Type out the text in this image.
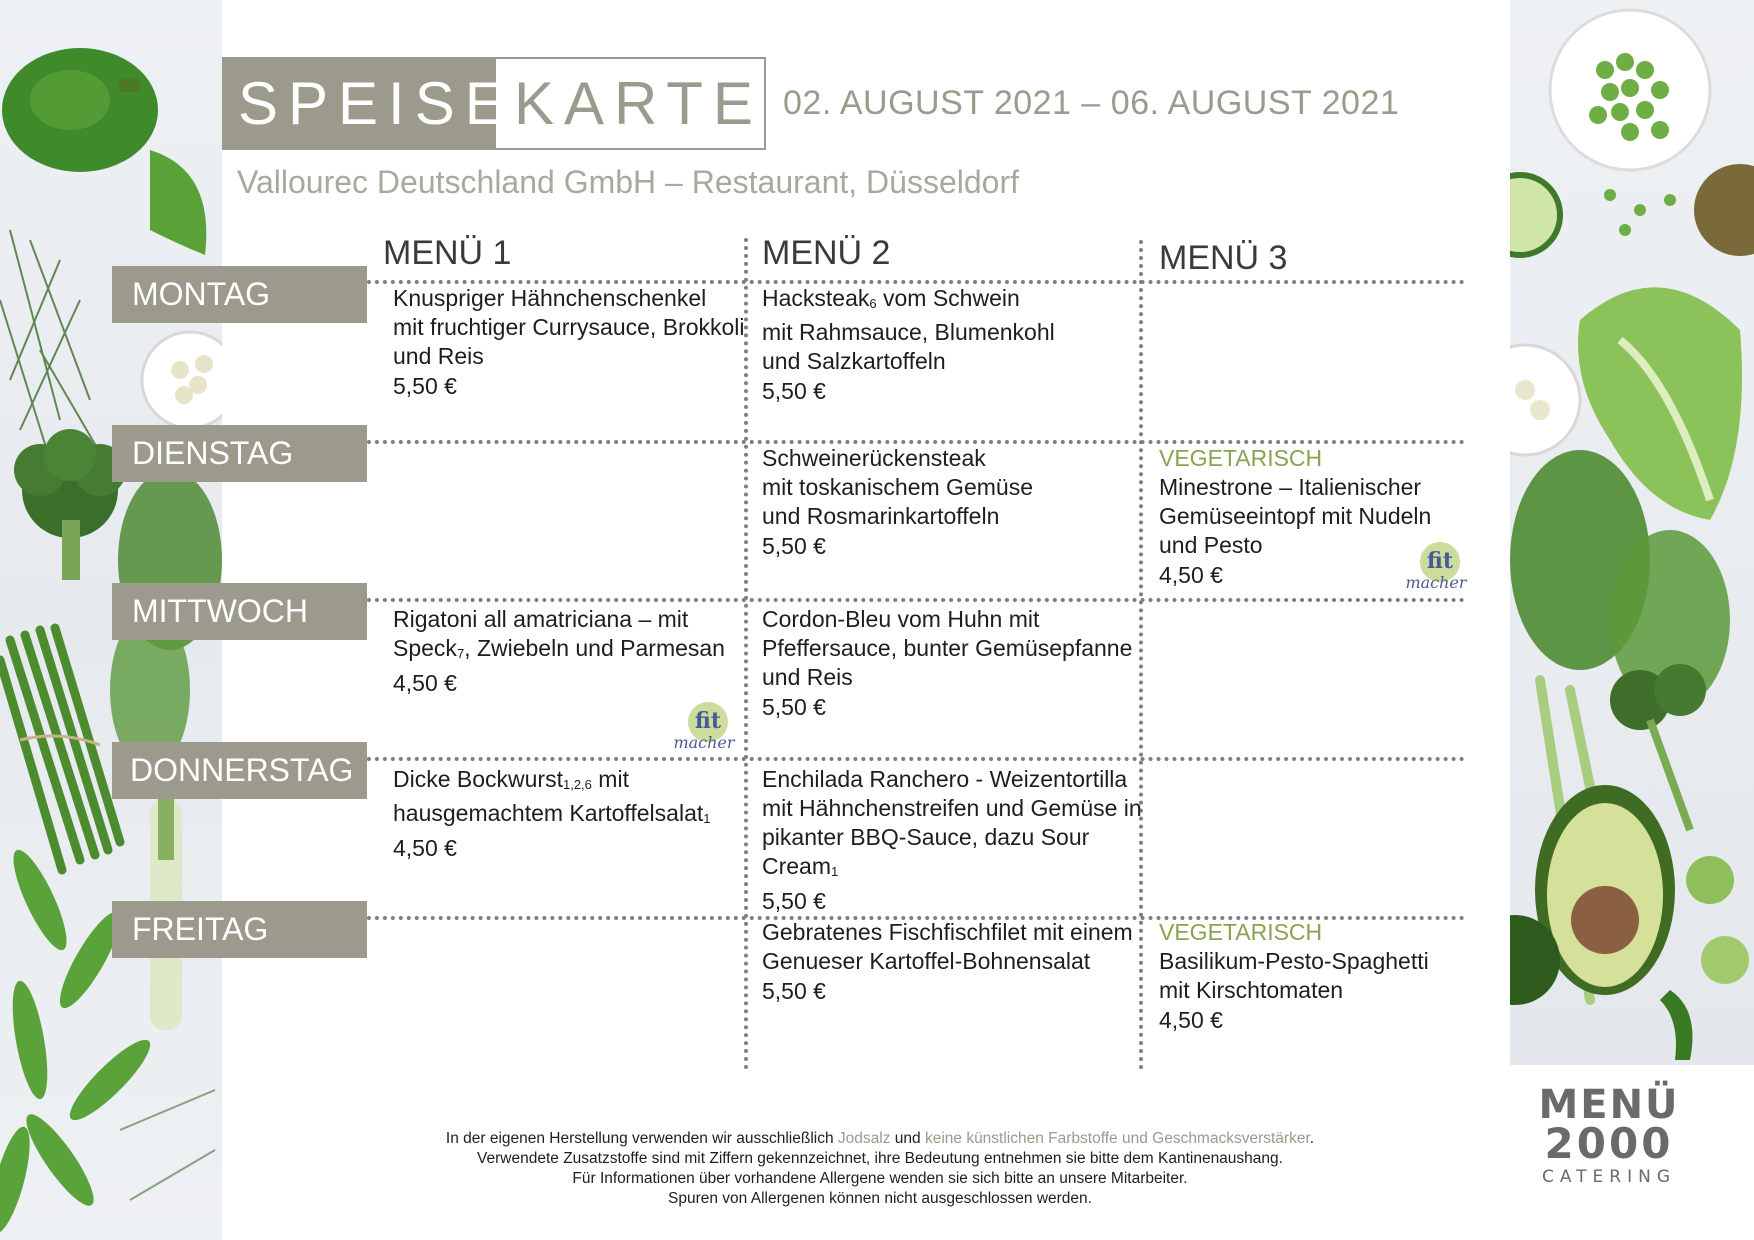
SPEISE KARTE 02. AUGUST 2021 – 06. AUGUST 2021
Vallourec Deutschland GmbH – Restaurant, Düsseldorf
MENÜ 1	MENÜ 2	MENÜ 3
MONTAG
DIENSTAG
MITTWOCH
DONNERSTAG
FREITAG
Knuspriger Hähnchenschenkel
mit fruchtiger Currysauce, Brokkoli
und Reis
5,50 €
Hacksteak$_6$ vom Schwein
mit Rahmsauce, Blumenkohl
und Salzkartoffeln
5,50 €
Schweinerückensteak
mit toskanischem Gemüse
und Rosmarinkartoffeln
5,50 €
VEGETARISCH
Minestrone – Italienischer
Gemüseeintopf mit Nudeln
und Pesto
4,50 €
Rigatoni all amatriciana – mit
Speck$_7$, Zwiebeln und Parmesan
4,50 €
Cordon-Bleu vom Huhn mit
Pfeffersauce, bunter Gemüsepfanne
und Reis
5,50 €
Dicke Bockwurst$_{1,2,6}$ mit
hausgemachtem Kartoffelsalat$_1$
4,50 €
Enchilada Ranchero - Weizentortilla
mit Hähnchenstreifen und Gemüse in
pikanter BBQ-Sauce, dazu Sour
Cream$_1$
5,50 €
Gebratenes Fischfischfilet mit einem
Genueser Kartoffel-Bohnensalat
5,50 €
VEGETARISCH
Basilikum-Pesto-Spaghetti
mit Kirschtomaten
4,50 €
fit
macher
fit
macher
In der eigenen Herstellung verwenden wir ausschließlich Jodsalz und keine künstlichen Farbstoffe und Geschmacksverstärker.
Verwendete Zusatzstoffe sind mit Ziffern gekennzeichnet, ihre Bedeutung entnehmen sie bitte dem Kantinenaushang.
Für Informationen über vorhandene Allergene wenden sie sich bitte an unsere Mitarbeiter.
Spuren von Allergenen können nicht ausgeschlossen werden.
MENÜ
2000
CATERING
